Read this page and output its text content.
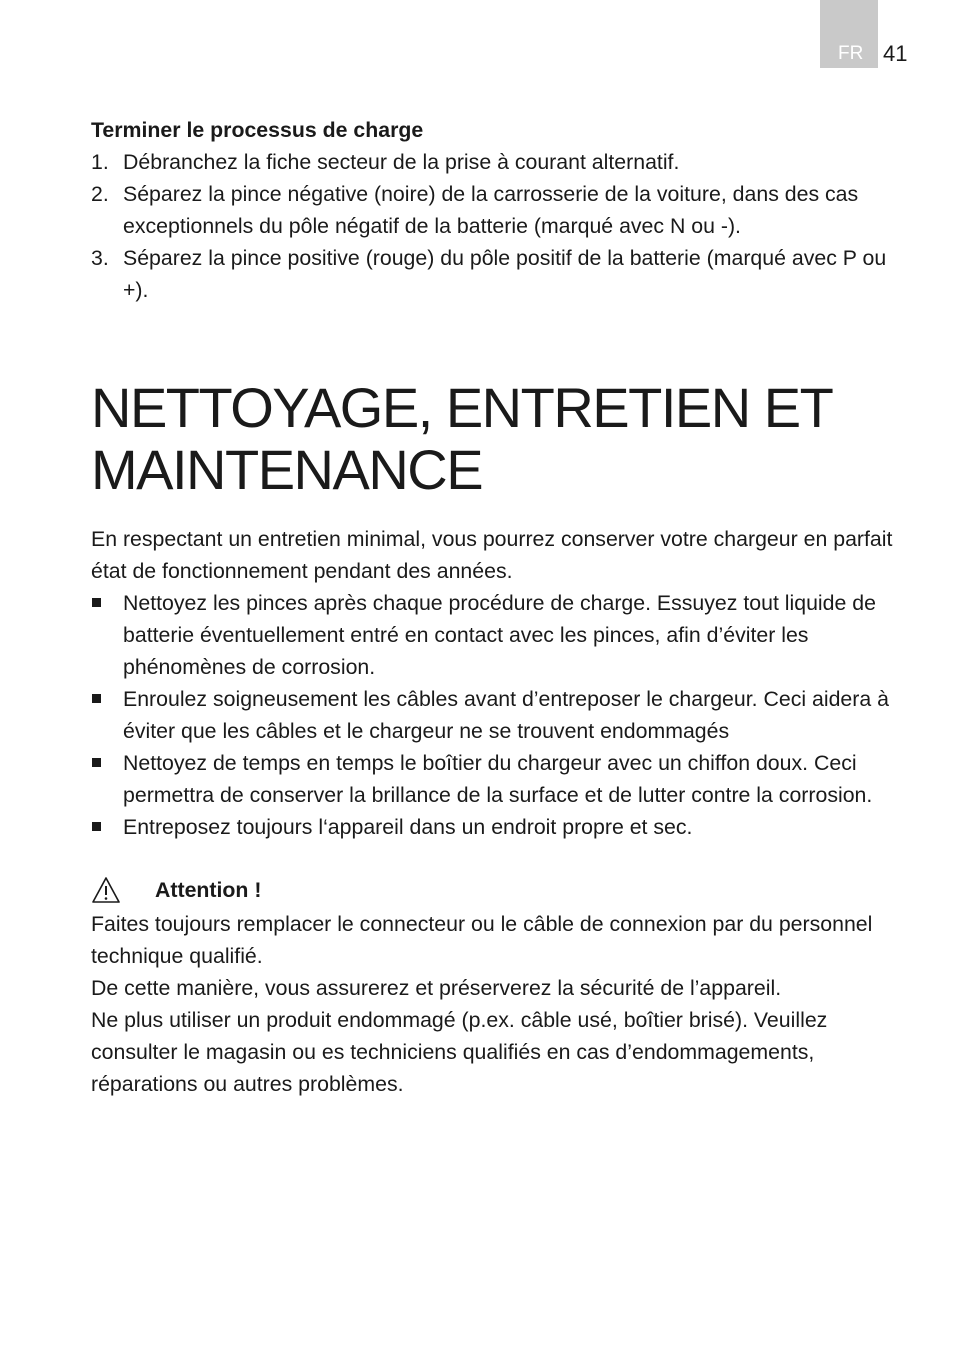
FR 41

Terminer le processus de charge

1. Débranchez la fiche secteur de la prise à courant alternatif.
2. Séparez la pince négative (noire) de la carrosserie de la voiture, dans des cas exceptionnels du pôle négatif de la batterie (marqué avec N ou -).
3. Séparez la pince positive (rouge) du pôle positif de la batterie (marqué avec P ou +).
NETTOYAGE, ENTRETIEN ET
MAINTENANCE

En respectant un entretien minimal, vous pourrez conserver votre chargeur en parfait état de fonctionnement pendant des années.

Nettoyez les pinces après chaque procédure de charge. Essuyez tout liquide de batterie éventuellement entré en contact avec les pinces, afin d’éviter les phénomènes de corrosion.
Enroulez soigneusement les câbles avant d’entreposer le chargeur. Ceci aidera à éviter que les câbles et le chargeur ne se trouvent endommagés
Nettoyez de temps en temps le boîtier du chargeur avec un chiffon doux. Ceci permettra de conserver la brillance de la surface et de lutter contre la corrosion.
Entreposez toujours l‘appareil dans un endroit propre et sec.
Attention !

Faites toujours remplacer le connecteur ou le câble de connexion par du personnel technique qualifié.

De cette manière, vous assurerez et préserverez la sécurité de l’appareil.

Ne plus utiliser un produit endommagé (p.ex. câble usé, boîtier brisé). Veuillez consulter le magasin ou es techniciens qualifiés en cas d’endommagements, réparations ou autres problèmes.
